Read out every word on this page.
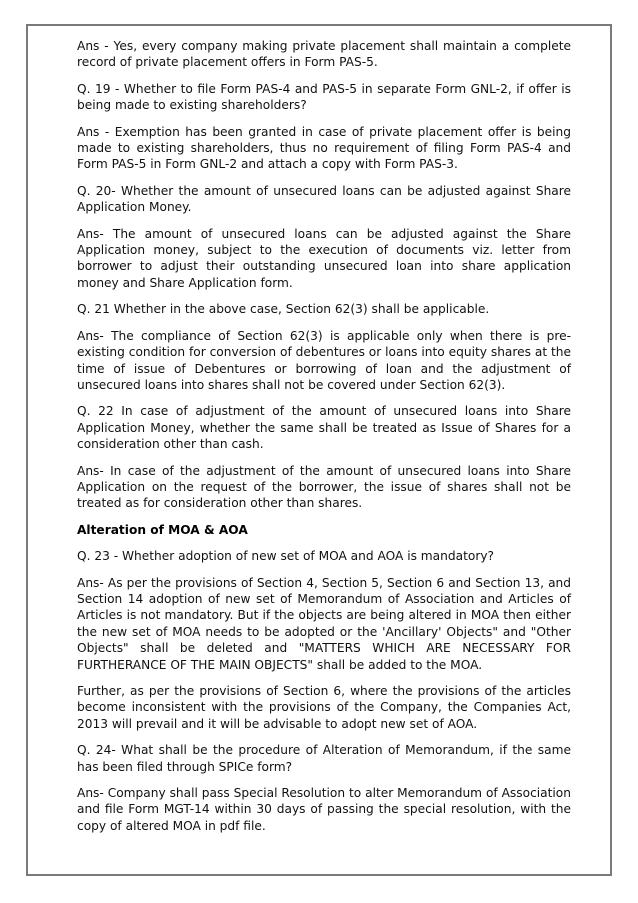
Ans - Yes, every company making private placement shall maintain a complete record of private placement offers in Form PAS-5.

Q. 19 - Whether to file Form PAS-4 and PAS-5 in separate Form GNL-2, if offer is being made to existing shareholders?

Ans - Exemption has been granted in case of private placement offer is being made to existing shareholders, thus no requirement of filing Form PAS-4 and Form PAS-5 in Form GNL-2 and attach a copy with Form PAS-3.

Q. 20- Whether the amount of unsecured loans can be adjusted against Share Application Money.

Ans- The amount of unsecured loans can be adjusted against the Share Application money, subject to the execution of documents viz. letter from borrower to adjust their outstanding unsecured loan into share application money and Share Application form.

Q. 21 Whether in the above case, Section 62(3) shall be applicable.

Ans- The compliance of Section 62(3) is applicable only when there is pre-existing condition for conversion of debentures or loans into equity shares at the time of issue of Debentures or borrowing of loan and the adjustment of unsecured loans into shares shall not be covered under Section 62(3).

Q. 22 In case of adjustment of the amount of unsecured loans into Share Application Money, whether the same shall be treated as Issue of Shares for a consideration other than cash.

Ans- In case of the adjustment of the amount of unsecured loans into Share Application on the request of the borrower, the issue of shares shall not be treated as for consideration other than shares.

Alteration of MOA & AOA

Q. 23 - Whether adoption of new set of MOA and AOA is mandatory?

Ans- As per the provisions of Section 4, Section 5, Section 6 and Section 13, and Section 14 adoption of new set of Memorandum of Association and Articles of Articles is not mandatory. But if the objects are being altered in MOA then either the new set of MOA needs to be adopted or the 'Ancillary' Objects" and "Other Objects" shall be deleted and "MATTERS WHICH ARE NECESSARY FOR FURTHERANCE OF THE MAIN OBJECTS" shall be added to the MOA.

Further, as per the provisions of Section 6, where the provisions of the articles become inconsistent with the provisions of the Company, the Companies Act, 2013 will prevail and it will be advisable to adopt new set of AOA.

Q. 24- What shall be the procedure of Alteration of Memorandum, if the same has been filed through SPICe form?

Ans- Company shall pass Special Resolution to alter Memorandum of Association and file Form MGT-14 within 30 days of passing the special resolution, with the copy of altered MOA in pdf file.
